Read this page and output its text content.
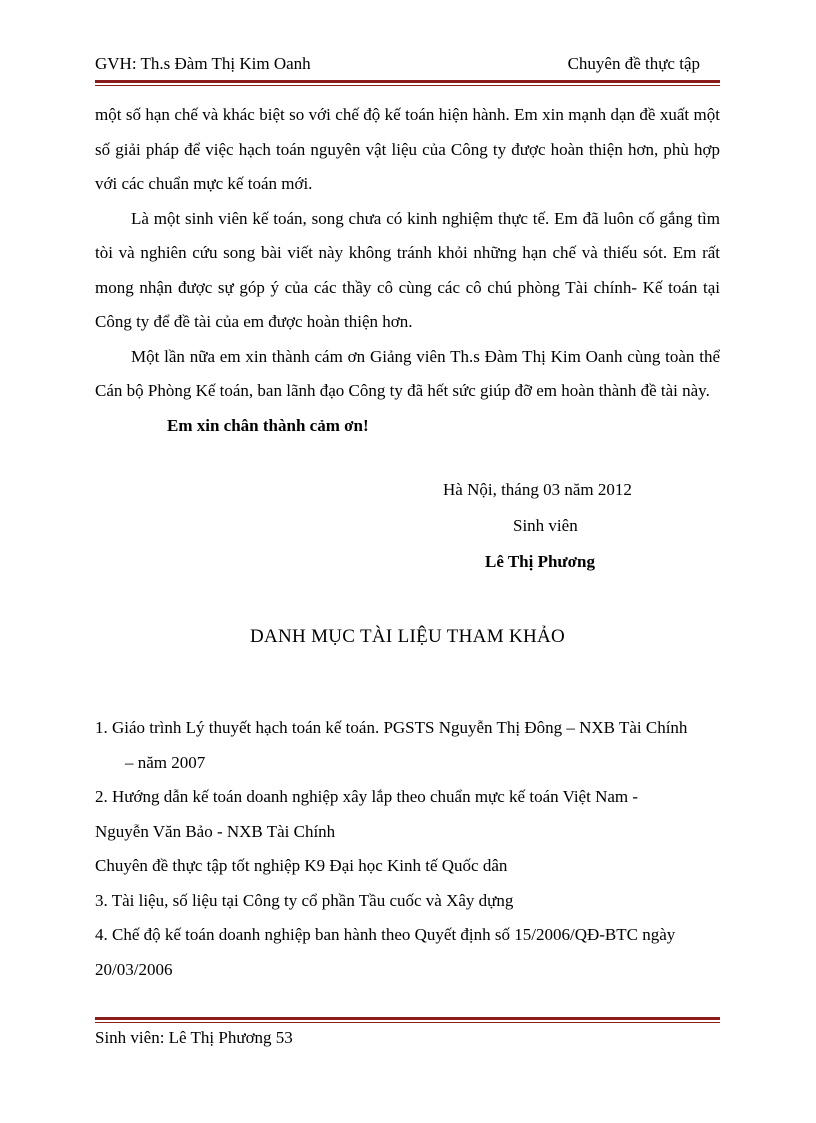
GVH: Th.s Đàm Thị Kim Oanh	Chuyên đề thực tập

một số hạn chế và khác biệt so với chế độ kế toán hiện hành. Em xin mạnh dạn đề xuất một số giải pháp để việc hạch toán nguyên vật liệu của Công ty được hoàn thiện hơn, phù hợp với các chuẩn mực kế toán mới.

Là một sinh viên kế toán, song chưa có kinh nghiệm thực tế. Em đã luôn cố gắng tìm tòi và nghiên cứu song bài viết này không tránh khỏi những hạn chế và thiếu sót. Em rất mong nhận được sự góp ý của các thầy cô cùng các cô chú phòng Tài chính- Kế toán tại Công ty để đề tài của em được hoàn thiện hơn.

Một lần nữa em xin thành cám ơn Giảng viên Th.s Đàm Thị Kim Oanh cùng toàn thể Cán bộ Phòng Kế toán, ban lãnh đạo Công ty đã hết sức giúp đỡ em hoàn thành đề tài này.

Em xin chân thành cảm ơn!

Hà Nội, tháng 03 năm 2012
Sinh viên
Lê Thị Phương
DANH MỤC TÀI LIỆU THAM KHẢO

1. Giáo trình Lý thuyết hạch toán kế toán. PGSTS Nguyễn Thị Đông – NXB Tài Chính

– năm 2007

2. Hướng dẫn kế toán doanh nghiệp xây lắp theo chuẩn mực kế toán Việt Nam -

Nguyễn Văn Bảo - NXB Tài Chính

Chuyên đề thực tập tốt nghiệp K9 Đại học Kinh tế Quốc dân

3. Tài liệu, số liệu tại Công ty cổ phần Tầu cuốc và Xây dựng

4. Chế độ kế toán doanh nghiệp ban hành theo Quyết định số 15/2006/QĐ-BTC ngày

20/03/2006

Sinh viên: Lê Thị Phương 53
